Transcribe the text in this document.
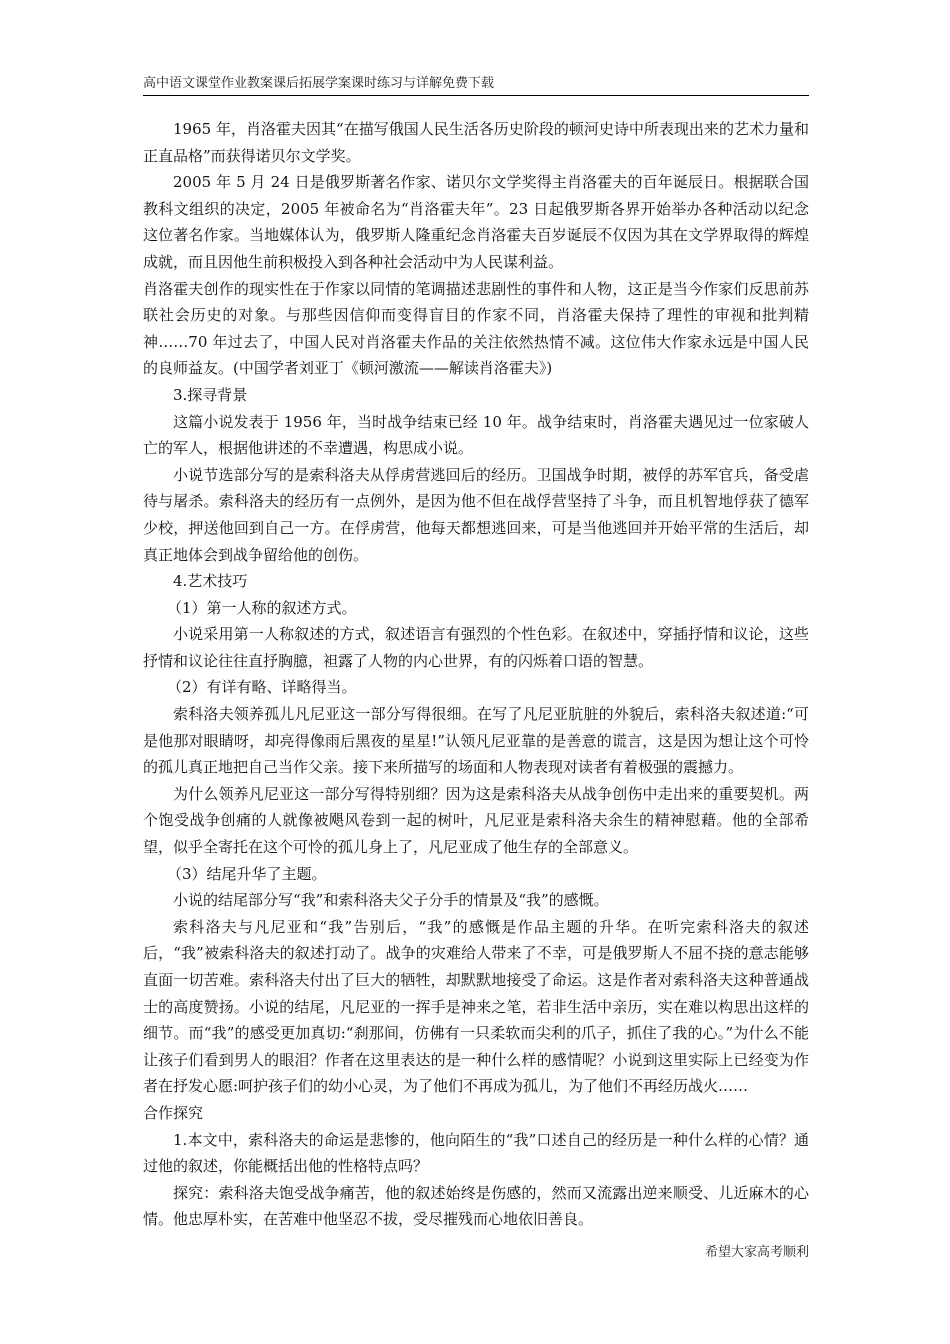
高中语文课堂作业教案课后拓展学案课时练习与详解免费下载

1965 年，肖洛霍夫因其“在描写俄国人民生活各历史阶段的顿河史诗中所表现出来的艺术力量和正直品格”而获得诺贝尔文学奖。

2005 年 5 月 24 日是俄罗斯著名作家、诺贝尔文学奖得主肖洛霍夫的百年诞辰日。根据联合国教科文组织的决定，2005 年被命名为“肖洛霍夫年”。23 日起俄罗斯各界开始举办各种活动以纪念这位著名作家。当地媒体认为，俄罗斯人隆重纪念肖洛霍夫百岁诞辰不仅因为其在文学界取得的辉煌成就，而且因他生前积极投入到各种社会活动中为人民谋利益。

肖洛霍夫创作的现实性在于作家以同情的笔调描述悲剧性的事件和人物，这正是当今作家们反思前苏联社会历史的对象。与那些因信仰而变得盲目的作家不同，肖洛霍夫保持了理性的审视和批判精神……70 年过去了，中国人民对肖洛霍夫作品的关注依然热情不减。这位伟大作家永远是中国人民的良师益友。(中国学者刘亚丁《顿河激流——解读肖洛霍夫》)

3.探寻背景

这篇小说发表于 1956 年，当时战争结束已经 10 年。战争结束时，肖洛霍夫遇见过一位家破人亡的军人，根据他讲述的不幸遭遇，构思成小说。

小说节选部分写的是索科洛夫从俘虏营逃回后的经历。卫国战争时期，被俘的苏军官兵，备受虐待与屠杀。索科洛夫的经历有一点例外，是因为他不但在战俘营坚持了斗争，而且机智地俘获了德军少校，押送他回到自己一方。在俘虏营，他每天都想逃回来，可是当他逃回并开始平常的生活后，却真正地体会到战争留给他的创伤。

4.艺术技巧

（1）第一人称的叙述方式。

小说采用第一人称叙述的方式，叙述语言有强烈的个性色彩。在叙述中，穿插抒情和议论，这些抒情和议论往往直抒胸臆，袒露了人物的内心世界，有的闪烁着口语的智慧。

（2）有详有略、详略得当。

索科洛夫领养孤儿凡尼亚这一部分写得很细。在写了凡尼亚肮脏的外貌后，索科洛夫叙述道:“可是他那对眼睛呀，却亮得像雨后黑夜的星星!”认领凡尼亚靠的是善意的谎言，这是因为想让这个可怜的孤儿真正地把自己当作父亲。接下来所描写的场面和人物表现对读者有着极强的震撼力。

为什么领养凡尼亚这一部分写得特别细？因为这是索科洛夫从战争创伤中走出来的重要契机。两个饱受战争创痛的人就像被飓风卷到一起的树叶，凡尼亚是索科洛夫余生的精神慰藉。他的全部希望，似乎全寄托在这个可怜的孤儿身上了，凡尼亚成了他生存的全部意义。

（3）结尾升华了主题。

小说的结尾部分写“我”和索科洛夫父子分手的情景及“我”的感慨。

索科洛夫与凡尼亚和“我”告别后，“我”的感慨是作品主题的升华。在听完索科洛夫的叙述后，“我”被索科洛夫的叙述打动了。战争的灾难给人带来了不幸，可是俄罗斯人不屈不挠的意志能够直面一切苦难。索科洛夫付出了巨大的牺牲，却默默地接受了命运。这是作者对索科洛夫这种普通战士的高度赞扬。小说的结尾，凡尼亚的一挥手是神来之笔，若非生活中亲历，实在难以构思出这样的细节。而“我”的感受更加真切:“刹那间，仿佛有一只柔软而尖利的爪子，抓住了我的心。”为什么不能让孩子们看到男人的眼泪？作者在这里表达的是一种什么样的感情呢？小说到这里实际上已经变为作者在抒发心愿:呵护孩子们的幼小心灵，为了他们不再成为孤儿，为了他们不再经历战火……

合作探究

1.本文中，索科洛夫的命运是悲惨的，他向陌生的“我”口述自己的经历是一种什么样的心情？通过他的叙述，你能概括出他的性格特点吗？

探究：索科洛夫饱受战争痛苦，他的叙述始终是伤感的，然而又流露出逆来顺受、儿近麻木的心情。他忠厚朴实，在苦难中他坚忍不拔，受尽摧残而心地依旧善良。

希望大家高考顺利
